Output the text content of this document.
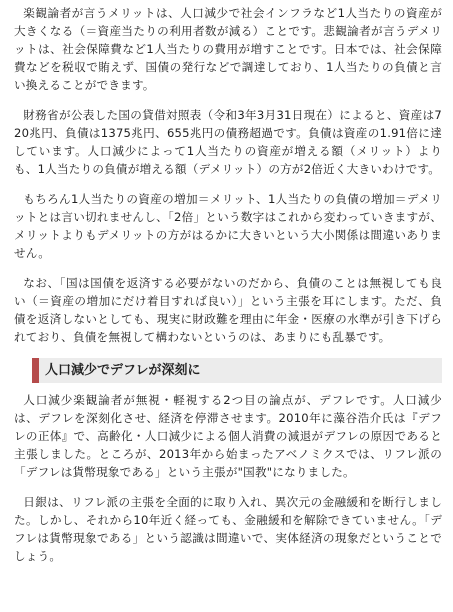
楽観論者が言うメリットは、人口減少で社会インフラなど1人当たりの資産が大きくなる（＝資産当たりの利用者数が減る）ことです。悲観論者が言うデメリットは、社会保障費など1人当たりの費用が増すことです。日本では、社会保障費などを税収で賄えず、国債の発行などで調達しており、1人当たりの負債と言い換えることができます。

財務省が公表した国の貸借対照表（令和3年3月31日現在）によると、資産は720兆円、負債は1375兆円、655兆円の債務超過です。負債は資産の1.91倍に達しています。人口減少によって1人当たりの資産が増える額（メリット）よりも、1人当たりの負債が増える額（デメリット）の方が2倍近く大きいわけです。

もちろん1人当たりの資産の増加＝メリット、1人当たりの負債の増加＝デメリットとは言い切れませんし、「2倍」という数字はこれから変わっていきますが、メリットよりもデメリットの方がはるかに大きいという大小関係は間違いありません。

なお、「国は国債を返済する必要がないのだから、負債のことは無視しても良い（＝資産の増加にだけ着目すれば良い）」という主張を耳にします。ただ、負債を返済しないとしても、現実に財政難を理由に年金・医療の水準が引き下げられており、負債を無視して構わないというのは、あまりにも乱暴です。

人口減少でデフレが深刻に

人口減少楽観論者が無視・軽視する2つ目の論点が、デフレです。人口減少は、デフレを深刻化させ、経済を停滞させます。2010年に藻谷浩介氏は『デフレの正体』で、高齢化・人口減少による個人消費の減退がデフレの原因であると主張しました。ところが、2013年から始まったアベノミクスでは、リフレ派の「デフレは貨幣現象である」という主張が"国教"になりました。

日銀は、リフレ派の主張を全面的に取り入れ、異次元の金融緩和を断行しました。しかし、それから10年近く経っても、金融緩和を解除できていません。「デフレは貨幣現象である」という認識は間違いで、実体経済の現象だということでしょう。
